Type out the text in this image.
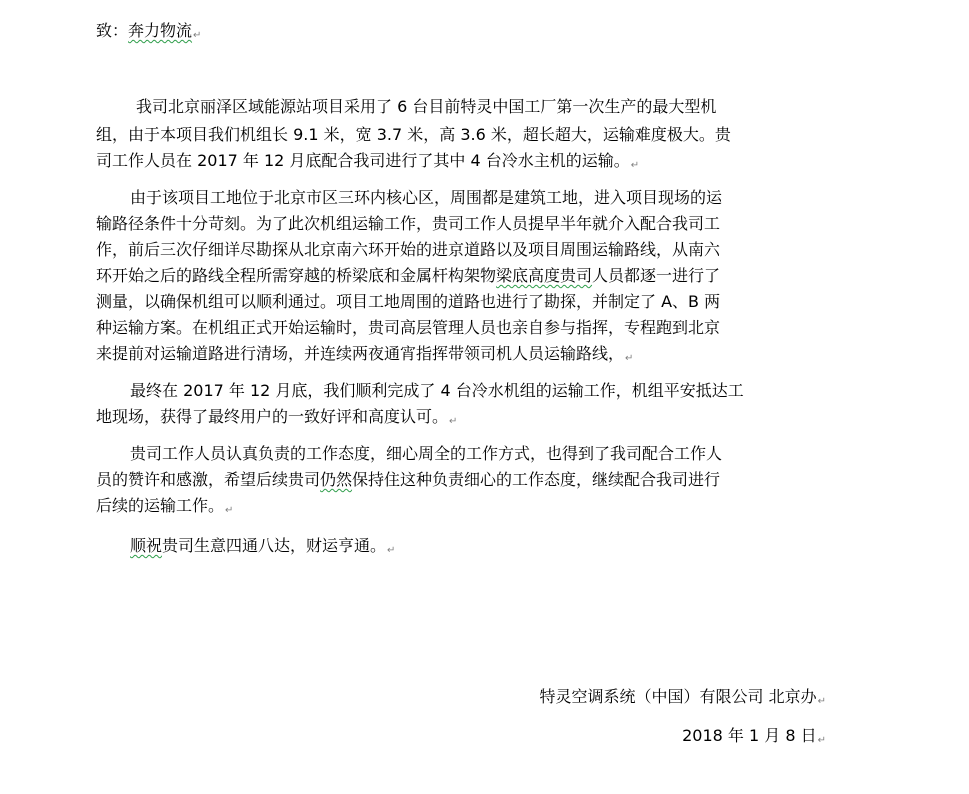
致：奔力物流↵
我司北京丽泽区域能源站项目采用了 6 台目前特灵中国工厂第一次生产的最大型机
组，由于本项目我们机组长 9.1 米，宽 3.7 米，高 3.6 米，超长超大，运输难度极大。贵
司工作人员在 2017 年 12 月底配合我司进行了其中 4 台冷水主机的运输。↵
由于该项目工地位于北京市区三环内核心区，周围都是建筑工地，进入项目现场的运
输路径条件十分苛刻。为了此次机组运输工作，贵司工作人员提早半年就介入配合我司工
作，前后三次仔细详尽勘探从北京南六环开始的进京道路以及项目周围运输路线，从南六
环开始之后的路线全程所需穿越的桥梁底和金属杆构架物梁底高度贵司人员都逐一进行了
测量，以确保机组可以顺利通过。项目工地周围的道路也进行了勘探，并制定了 A、B 两
种运输方案。在机组正式开始运输时，贵司高层管理人员也亲自参与指挥，专程跑到北京
来提前对运输道路进行清场，并连续两夜通宵指挥带领司机人员运输路线，↵
最终在 2017 年 12 月底，我们顺利完成了 4 台冷水机组的运输工作，机组平安抵达工
地现场，获得了最终用户的一致好评和高度认可。↵
贵司工作人员认真负责的工作态度，细心周全的工作方式，也得到了我司配合工作人
员的赞许和感激，希望后续贵司仍然保持住这种负责细心的工作态度，继续配合我司进行
后续的运输工作。↵
顺祝贵司生意四通八达，财运亨通。↵
特灵空调系统（中国）有限公司 北京办↵
2018 年 1 月 8 日↵
